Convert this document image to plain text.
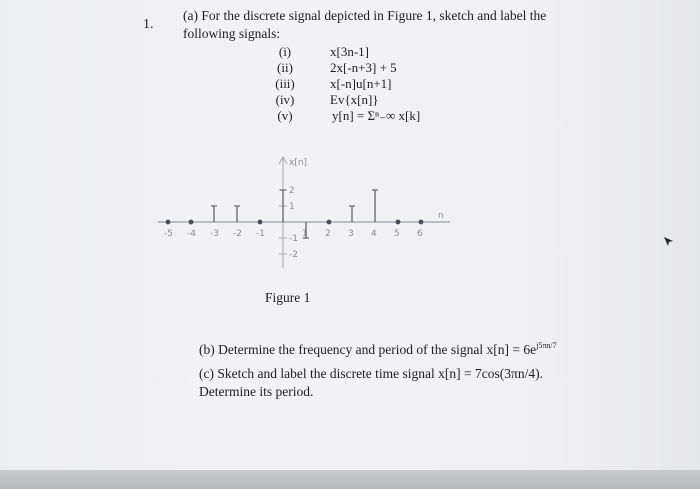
1.
(a) For the discrete signal depicted in Figure 1, sketch and label the
following signals:
(i)	x[3n-1]
(ii)	2x[-n+3] + 5
(iii)	x[-n]u[n+1]
(iv)	Ev{x[n]}
(v)	y[n] = Σⁿ₋∞ x[k]
x[n]
n
-5 -4 -3 -2 -1	1 2 3 4 5 6
2
1
-1
-2
Figure 1
(b) Determine the frequency and period of the signal $x[n] = 6e^{j5\pi n/7}$
(c) Sketch and label the discrete time signal x[n] = 7cos(3πn/4).
Determine its period.
